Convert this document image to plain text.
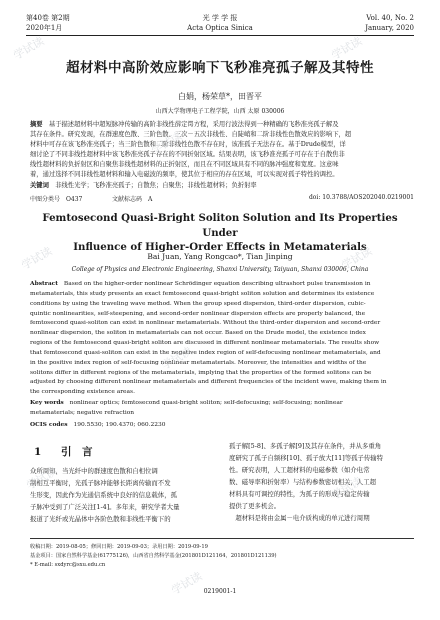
第40卷 第2期	光 学 学 报	Vol. 40, No. 2
2020年1月	Acta Optica Sinica	January, 2020
超材料中高阶效应影响下飞秒准亮孤子解及其特性
白娟，杨荣草*，田晋平
山西大学物理电子工程学院，山西 太原 030006
摘要　 基于描述超材料中超短脉冲传输的高阶非线性薛定谔方程，采用行波法得到一种精确的飞秒准亮孤子解及
其存在条件。研究发现，在群速度色散、三阶色散、三次－五次非线性、自陡峭和二阶非线性色散效应的影响下，超
材料中可存在该飞秒准亮孤子；当三阶色散和二阶非线性色散不存在时，该准孤子无法存在。基于Drude模型，详
细讨论了不同非线性超材料中该飞秒准亮孤子存在的不同折射区域。结果表明，该飞秒准亮孤子可存在于自散焦非
线性超材料的负折射区和自聚焦非线性超材料的正折射区，而且在不同区域具有不同的脉冲强度和宽度。这意味
着，通过选择不同非线性超材料和输入电磁波的频率，使其位于相应的存在区域，可以实现对孤子特性的调控。
关键词　 非线性光学；飞秒准亮孤子；自散焦；自聚焦；非线性超材料；负折射率
中图分类号　O437	文献标志码　A	doi: 10.3788/AOS202040.0219001
Femtosecond Quasi-Bright Soliton Solution and Its Properties Under
Influence of Higher-Order Effects in Metamaterials
Bai Juan, Yang Rongcao*, Tian Jinping
College of Physics and Electronic Engineering, Shanxi University, Taiyuan, Shanxi 030006, China
Abstract　 Based on the higher-order nonlinear Schrödinger equation describing ultrashort pulse transmission in
metamaterials, this study presents an exact femtosecond quasi-bright soliton solution and determines its existence
conditions by using the traveling wave method. When the group speed dispersion, third-order dispersion, cubic-
quintic nonlinearities, self-steepening, and second-order nonlinear dispersion effects are properly balanced, the
femtosecond quasi-soliton can exist in nonlinear metamaterials. Without the third-order dispersion and second-order
nonlinear dispersion, the soliton in metamaterials can not occur. Based on the Drude model, the existence index
regions of the femtosecond quasi-bright soliton are discussed in different nonlinear metamaterials. The results show
that femtosecond quasi-soliton can exist in the negative index region of self-defocusing nonlinear metamaterials, and
in the positive index region of self-focusing nonlinear metamaterials. Moreover, the intensities and widths of the
solitons differ in different regions of the metamaterials, implying that the properties of the formed solitons can be
adjusted by choosing different nonlinear metamaterials and different frequencies of the incident wave, making them in
the corresponding existence areas.
Key words　 nonlinear optics; femtosecond quasi-bright soliton; self-defocusing; self-focusing; nonlinear
metamaterials; negative refraction
OCIS codes　 190.5530; 190.4370; 060.2230
1 引　言
众所周知，当光纤中的群速度色散和自相位调
制相互平衡时，光孤子脉冲能够长距离传输而不发
生形变，因此作为光通信系统中良好的信息载体，孤
子脉冲受到了广泛关注[1-4]。多年来，研究学者大量
报道了光纤或光晶体中各阶色散和非线性平衡下的
孤子解[5-8]、多孤子解[9]及其存在条件，并从多重角
度研究了孤子自频移[10]、孤子放大[11]等孤子传输特
性。研究表明，人工超材料的电磁参数（如介电常
数、磁导率和折射率）与结构参数密切相关，人工超
材料具有可调控的特性，为孤子的形成与稳定传输
提供了更多机会。
　超材料是将由金属－电介质构成的单元进行周期
收稿日期：2019-08-05；修回日期：2019-09-03；录用日期：2019-09-19
基金项目：国家自然科学基金(61775126)，山西省自然科学基金(201801D121164，201801D121139)
* E-mail: sxdyrc@sxu.edu.cn
0219001-1
学试读	学试读
学试读
学试读	学试读
学试读
学试读	学试读
学试读
